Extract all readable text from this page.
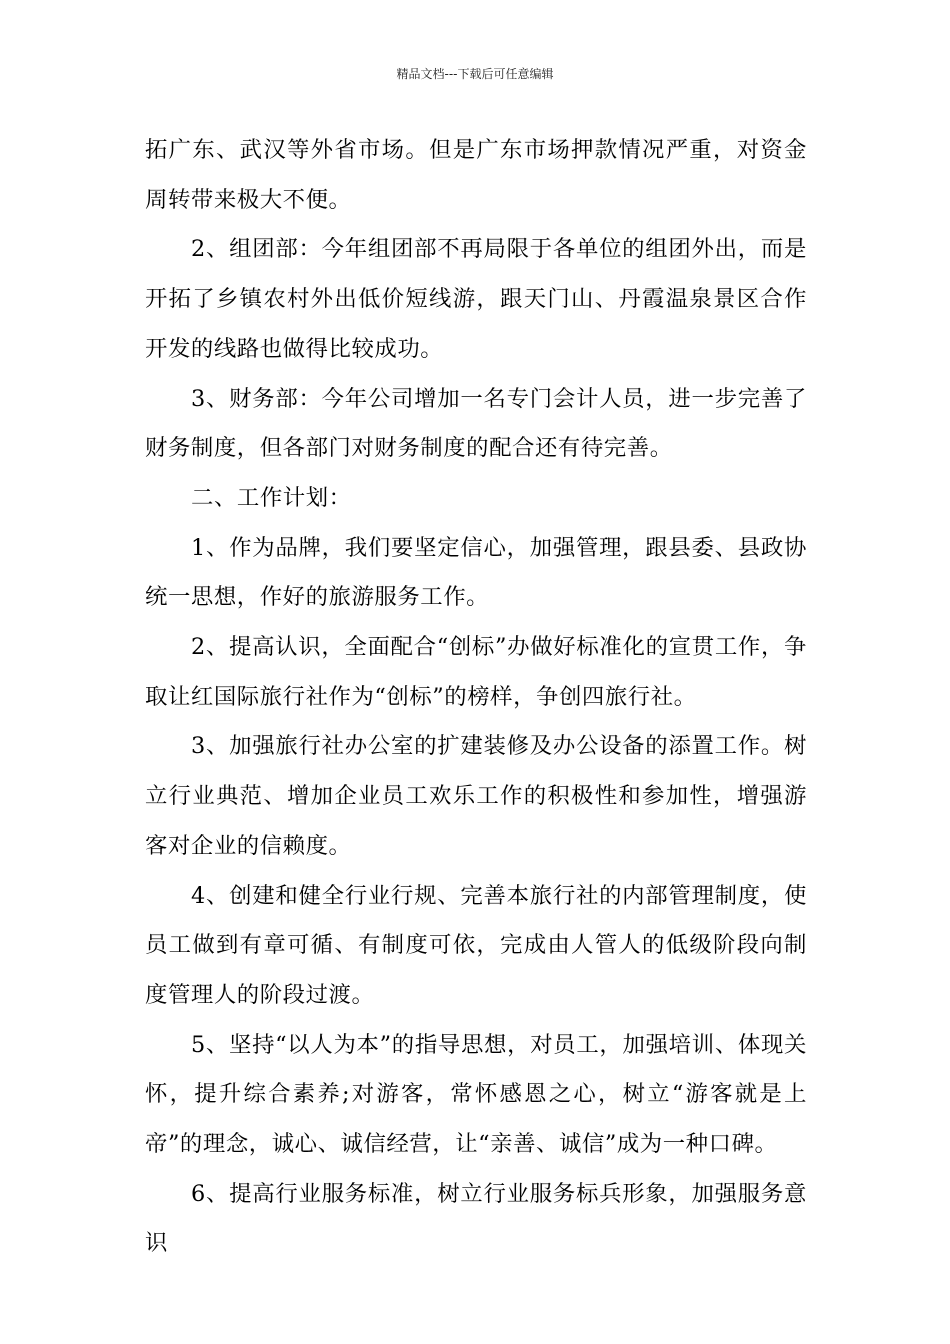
精品文档---下载后可任意编辑

拓广东、武汉等外省市场。但是广东市场押款情况严重，对资金周转带来极大不便。

2、组团部：今年组团部不再局限于各单位的组团外出，而是开拓了乡镇农村外出低价短线游，跟天门山、丹霞温泉景区合作开发的线路也做得比较成功。

3、财务部：今年公司增加一名专门会计人员，进一步完善了财务制度，但各部门对财务制度的配合还有待完善。

二、工作计划：

1、作为品牌，我们要坚定信心，加强管理，跟县委、县政协统一思想，作好的旅游服务工作。

2、提高认识，全面配合“创标”办做好标准化的宣贯工作，争取让红国际旅行社作为“创标”的榜样，争创四旅行社。

3、加强旅行社办公室的扩建装修及办公设备的添置工作。树立行业典范、增加企业员工欢乐工作的积极性和参加性，增强游客对企业的信赖度。

4、创建和健全行业行规、完善本旅行社的内部管理制度，使员工做到有章可循、有制度可依，完成由人管人的低级阶段向制度管理人的阶段过渡。

5、坚持“以人为本”的指导思想，对员工，加强培训、体现关怀，提升综合素养;对游客，常怀感恩之心，树立“游客就是上帝”的理念，诚心、诚信经营，让“亲善、诚信”成为一种口碑。

6、提高行业服务标准，树立行业服务标兵形象，加强服务意识
